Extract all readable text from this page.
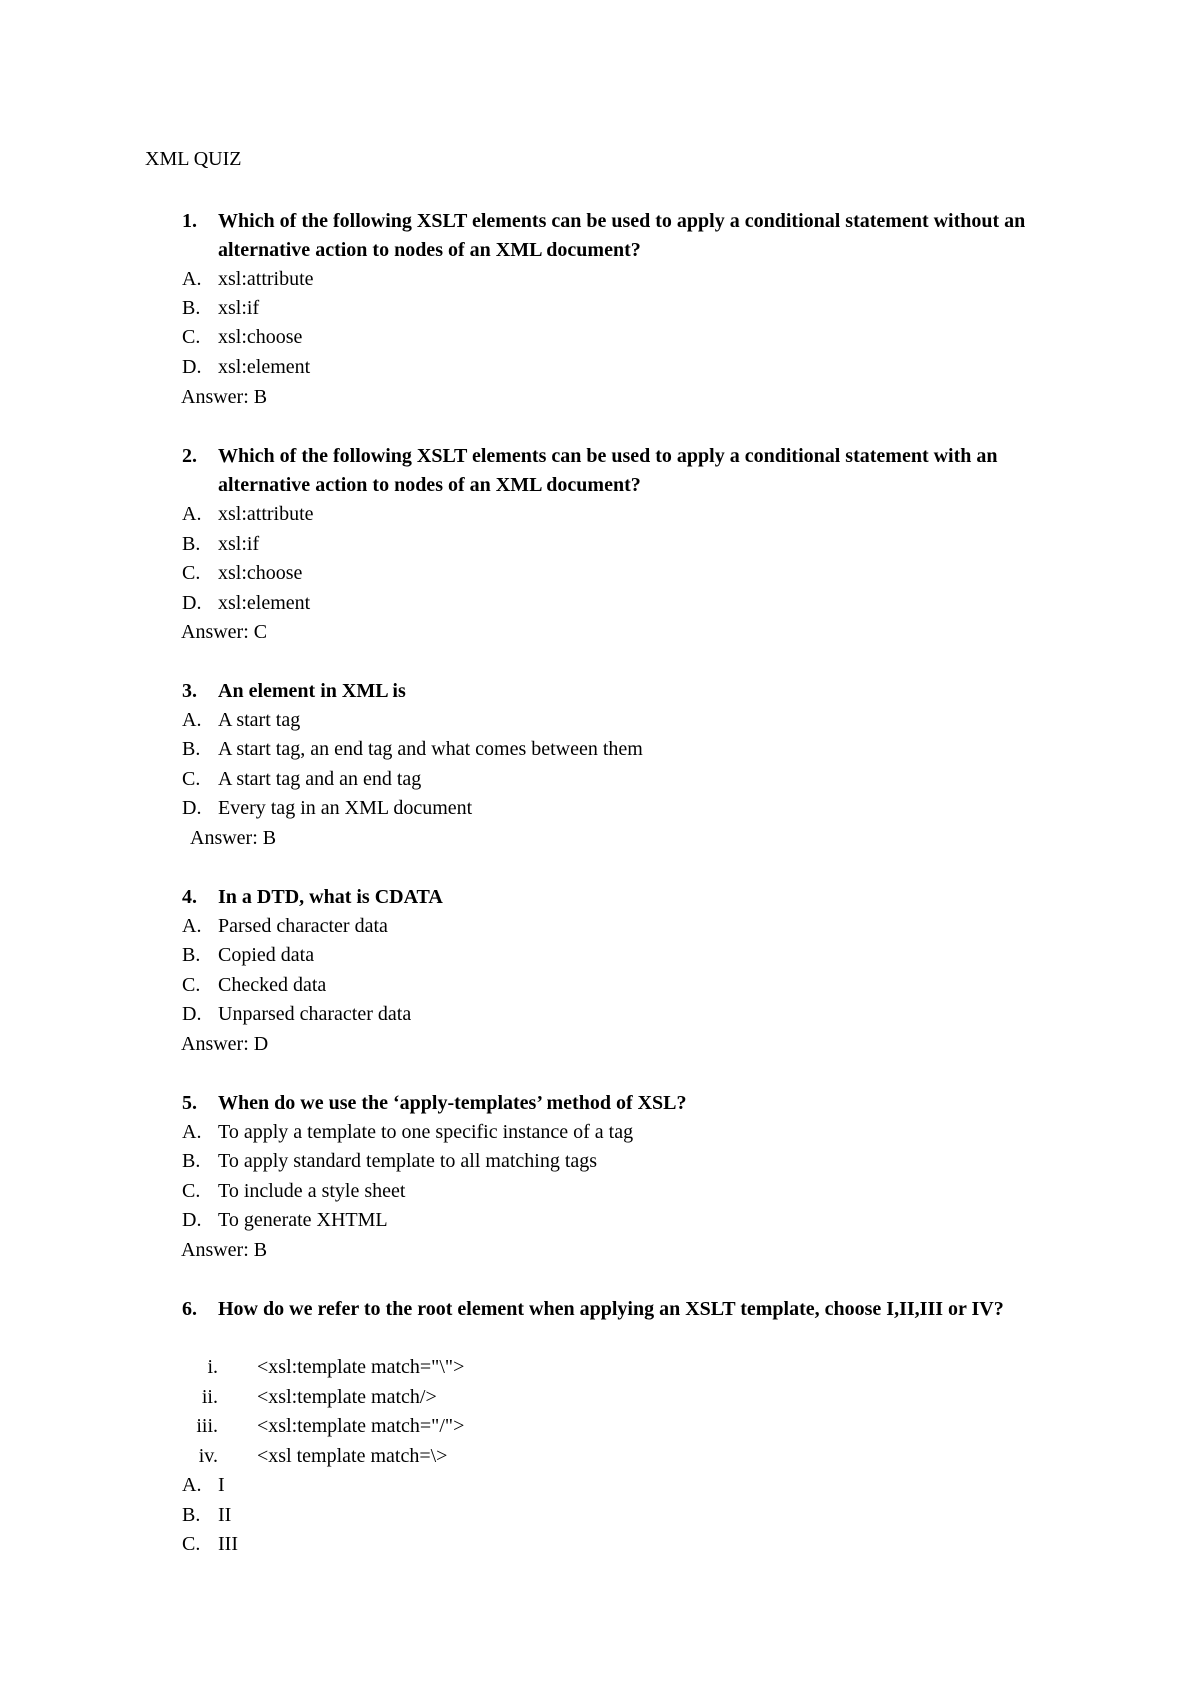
XML QUIZ
1. Which of the following XSLT elements can be used to apply a conditional statement without an alternative action to nodes of an XML document?
A. xsl:attribute
B. xsl:if
C. xsl:choose
D. xsl:element
Answer: B
2. Which of the following XSLT elements can be used to apply a conditional statement with an alternative action to nodes of an XML document?
A. xsl:attribute
B. xsl:if
C. xsl:choose
D. xsl:element
Answer: C
3. An element in XML is
A. A start tag
B. A start tag, an end tag and what comes between them
C. A start tag and an end tag
D. Every tag in an XML document
Answer: B
4. In a DTD, what is CDATA
A. Parsed character data
B. Copied data
C. Checked data
D. Unparsed character data
Answer: D
5. When do we use the ‘apply-templates’ method of XSL?
A. To apply a template to one specific instance of a tag
B. To apply standard template to all matching tags
C. To include a style sheet
D. To generate XHTML
Answer: B
6. How do we refer to the root element when applying an XSLT template, choose I,II,III or IV?
i. <xsl:template match="\">
ii. <xsl:template match/>
iii. <xsl:template match="/">
iv. <xsl template match=\>
A. I
B. II
C. III
